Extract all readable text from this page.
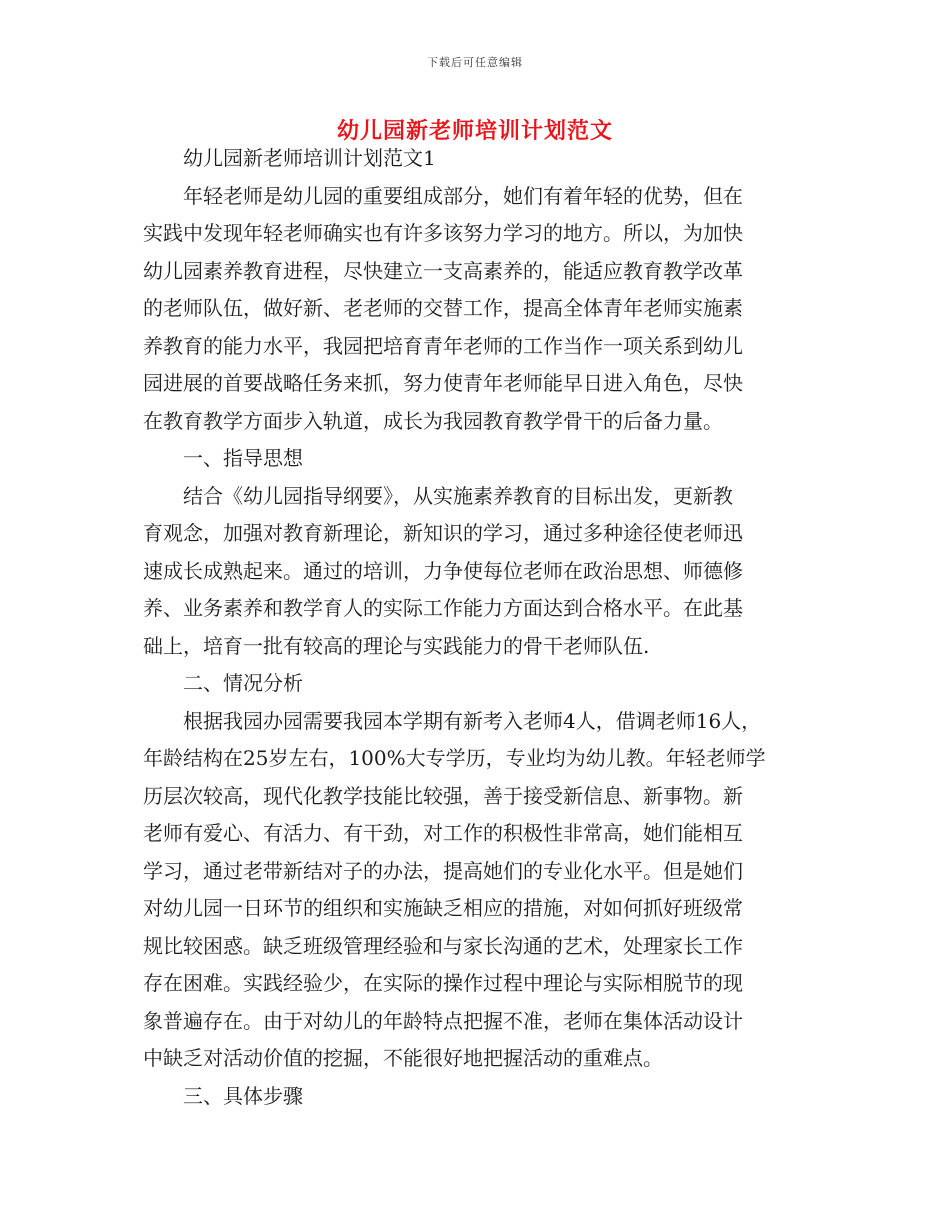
下载后可任意编辑
幼儿园新老师培训计划范文

幼儿园新老师培训计划范文1

年轻老师是幼儿园的重要组成部分，她们有着年轻的优势，但在
实践中发现年轻老师确实也有许多该努力学习的地方。所以，为加快
幼儿园素养教育进程，尽快建立一支高素养的，能适应教育教学改革
的老师队伍，做好新、老老师的交替工作，提高全体青年老师实施素
养教育的能力水平，我园把培育青年老师的工作当作一项关系到幼儿
园进展的首要战略任务来抓，努力使青年老师能早日进入角色，尽快
在教育教学方面步入轨道，成长为我园教育教学骨干的后备力量。

一、指导思想

结合《幼儿园指导纲要》，从实施素养教育的目标出发，更新教
育观念，加强对教育新理论，新知识的学习，通过多种途径使老师迅
速成长成熟起来。通过的培训，力争使每位老师在政治思想、师德修
养、业务素养和教学育人的实际工作能力方面达到合格水平。在此基
础上，培育一批有较高的理论与实践能力的骨干老师队伍.

二、情况分析

根据我园办园需要我园本学期有新考入老师4人，借调老师16人，
年龄结构在25岁左右，100%大专学历，专业均为幼儿教。年轻老师学
历层次较高，现代化教学技能比较强，善于接受新信息、新事物。新
老师有爱心、有活力、有干劲，对工作的积极性非常高，她们能相互
学习，通过老带新结对子的办法，提高她们的专业化水平。但是她们
对幼儿园一日环节的组织和实施缺乏相应的措施，对如何抓好班级常
规比较困惑。缺乏班级管理经验和与家长沟通的艺术，处理家长工作
存在困难。实践经验少，在实际的操作过程中理论与实际相脱节的现
象普遍存在。由于对幼儿的年龄特点把握不准，老师在集体活动设计
中缺乏对活动价值的挖掘，不能很好地把握活动的重难点。

三、具体步骤
